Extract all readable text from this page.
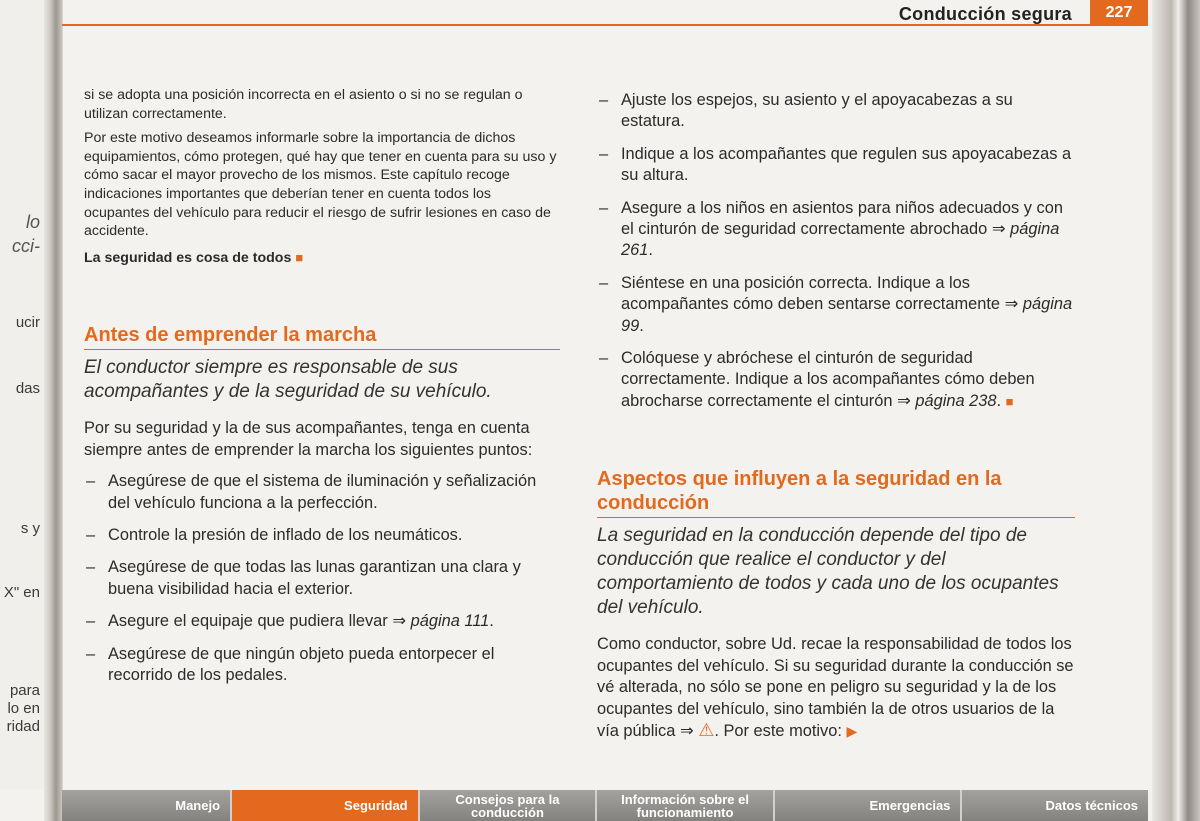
lo
cci-
ucir
das
s y
X" en
para
lo en
ridad
Conducción segura	227

si se adopta una posición incorrecta en el asiento o si no se regulan o utilizan correctamente.

Por este motivo deseamos informarle sobre la importancia de dichos equipamientos, cómo protegen, qué hay que tener en cuenta para su uso y cómo sacar el mayor provecho de los mismos. Este capítulo recoge indicaciones importantes que deberían tener en cuenta todos los ocupantes del vehículo para reducir el riesgo de sufrir lesiones en caso de accidente.

La seguridad es cosa de todos ■

Antes de emprender la marcha

El conductor siempre es responsable de sus acompañantes y de la seguridad de su vehículo.

Por su seguridad y la de sus acompañantes, tenga en cuenta siempre antes de emprender la marcha los siguientes puntos:

– Asegúrese de que el sistema de iluminación y señalización del vehículo funciona a la perfección.
– Controle la presión de inflado de los neumáticos.
– Asegúrese de que todas las lunas garantizan una clara y buena visibilidad hacia el exterior.
– Asegure el equipaje que pudiera llevar ⇒ página 111.
– Asegúrese de que ningún objeto pueda entorpecer el recorrido de los pedales.
– Ajuste los espejos, su asiento y el apoyacabezas a su estatura.
– Indique a los acompañantes que regulen sus apoyacabezas a su altura.
– Asegure a los niños en asientos para niños adecuados y con el cinturón de seguridad correctamente abrochado ⇒ página 261.
– Siéntese en una posición correcta. Indique a los acompañantes cómo deben sentarse correctamente ⇒ página 99.
– Colóquese y abróchese el cinturón de seguridad correctamente. Indique a los acompañantes cómo deben abrocharse correctamente el cinturón ⇒ página 238. ■
Aspectos que influyen a la seguridad en la conducción

La seguridad en la conducción depende del tipo de conducción que realice el conductor y del comportamiento de todos y cada uno de los ocupantes del vehículo.

Como conductor, sobre Ud. recae la responsabilidad de todos los ocupantes del vehículo. Si su seguridad durante la conducción se vé alterada, no sólo se pone en peligro su seguridad y la de los ocupantes del vehículo, sino también la de otros usuarios de la vía pública ⇒ ⚠. Por este motivo: ▶

Manejo	Seguridad	Consejos para la conducción
Información sobre el funcionamiento	Emergencias	Datos técnicos
